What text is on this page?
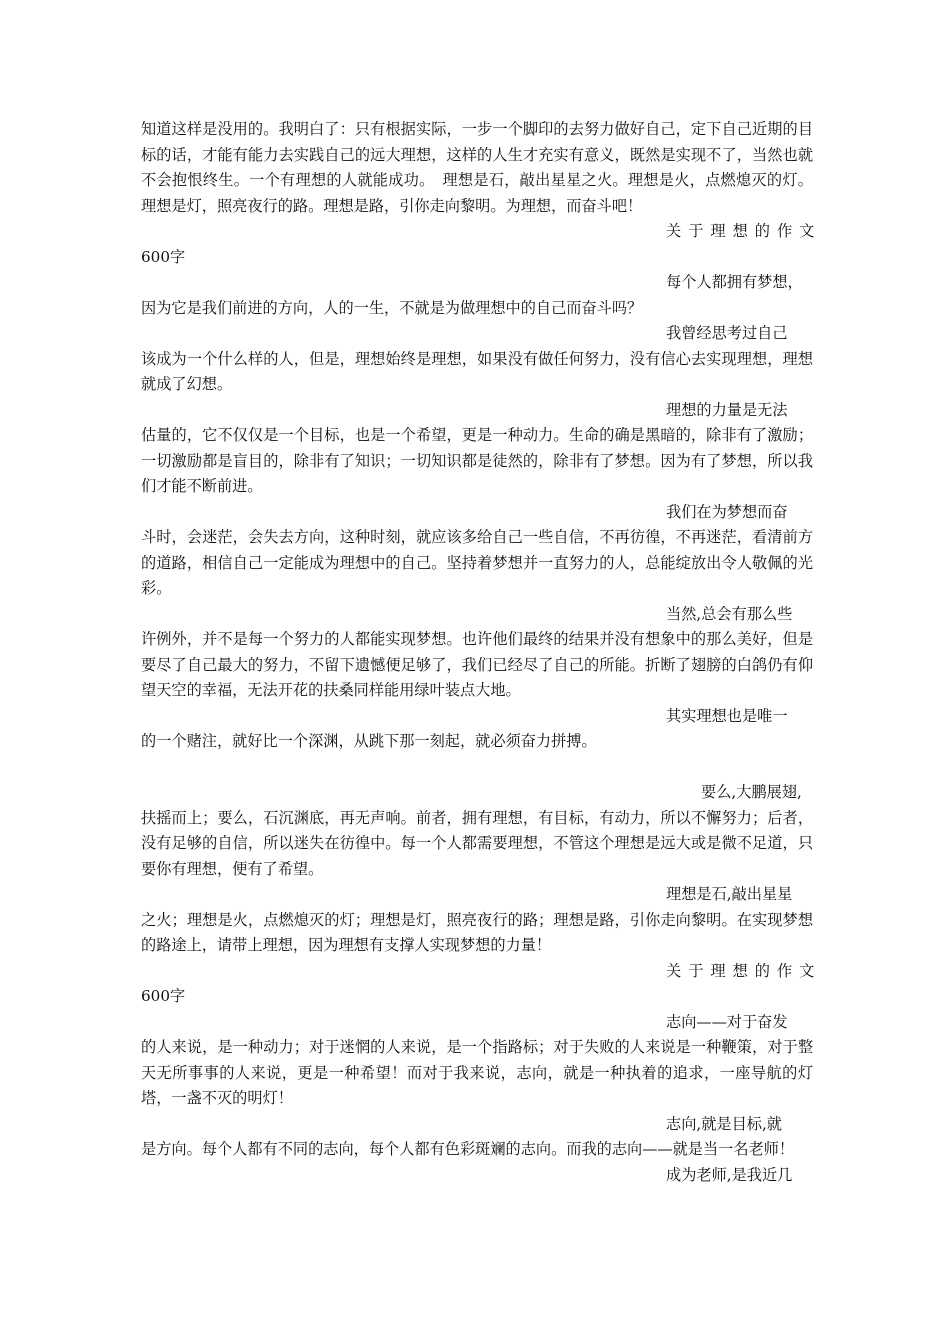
知道这样是没用的。我明白了：只有根据实际，一步一个脚印的去努力做好自己，定下自己近期的目标的话，才能有能力去实践自己的远大理想，这样的人生才充实有意义，既然是实现不了，当然也就不会抱恨终生。一个有理想的人就能成功。　理想是石，敲出星星之火。理想是火，点燃熄灭的灯。理想是灯，照亮夜行的路。理想是路，引你走向黎明。为理想，而奋斗吧！

关于理想的作文
600字

每个人都拥有梦想，
因为它是我们前进的方向，人的一生，不就是为做理想中的自己而奋斗吗？

我曾经思考过自己
该成为一个什么样的人，但是，理想始终是理想，如果没有做任何努力，没有信心去实现理想，理想就成了幻想。

理想的力量是无法
估量的，它不仅仅是一个目标，也是一个希望，更是一种动力。生命的确是黑暗的，除非有了激励；一切激励都是盲目的，除非有了知识；一切知识都是徒然的，除非有了梦想。因为有了梦想，所以我们才能不断前进。

我们在为梦想而奋
斗时，会迷茫，会失去方向，这种时刻，就应该多给自己一些自信，不再彷徨，不再迷茫，看清前方的道路，相信自己一定能成为理想中的自己。坚持着梦想并一直努力的人，总能绽放出令人敬佩的光彩。

当然,总会有那么些
许例外，并不是每一个努力的人都能实现梦想。也许他们最终的结果并没有想象中的那么美好，但是要尽了自己最大的努力，不留下遗憾便足够了，我们已经尽了自己的所能。折断了翅膀的白鸽仍有仰望天空的幸福，无法开花的扶桑同样能用绿叶装点大地。

其实理想也是唯一
的一个赌注，就好比一个深渊，从跳下那一刻起，就必须奋力拼搏。

要么,大鹏展翅,
扶摇而上；要么，石沉渊底，再无声响。前者，拥有理想，有目标，有动力，所以不懈努力；后者，没有足够的自信，所以迷失在彷徨中。每一个人都需要理想，不管这个理想是远大或是微不足道，只要你有理想，便有了希望。

理想是石,敲出星星
之火；理想是火，点燃熄灭的灯；理想是灯，照亮夜行的路；理想是路，引你走向黎明。在实现梦想的路途上，请带上理想，因为理想有支撑人实现梦想的力量！

关于理想的作文
600字

志向——对于奋发
的人来说，是一种动力；对于迷惘的人来说，是一个指路标；对于失败的人来说是一种鞭策，对于整天无所事事的人来说，更是一种希望！而对于我来说，志向，就是一种执着的追求，一座导航的灯塔，一盏不灭的明灯！

志向,就是目标,就
是方向。每个人都有不同的志向，每个人都有色彩斑斓的志向。而我的志向——就是当一名老师！

成为老师,是我近几
